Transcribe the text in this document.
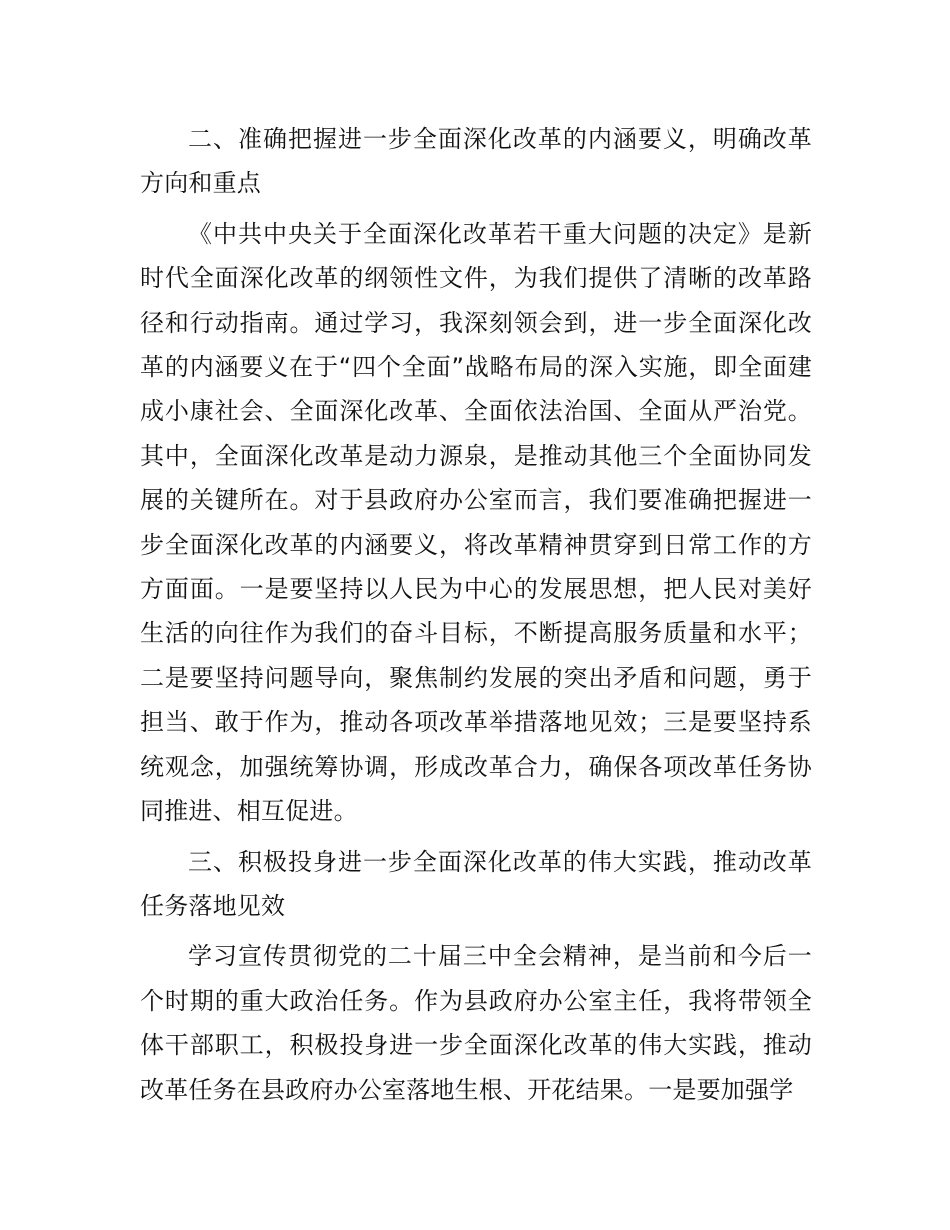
二、准确把握进一步全面深化改革的内涵要义，明确改革方向和重点

《中共中央关于全面深化改革若干重大问题的决定》是新时代全面深化改革的纲领性文件，为我们提供了清晰的改革路径和行动指南。通过学习，我深刻领会到，进一步全面深化改革的内涵要义在于“四个全面”战略布局的深入实施，即全面建成小康社会、全面深化改革、全面依法治国、全面从严治党。其中，全面深化改革是动力源泉，是推动其他三个全面协同发展的关键所在。对于县政府办公室而言，我们要准确把握进一步全面深化改革的内涵要义，将改革精神贯穿到日常工作的方方面面。一是要坚持以人民为中心的发展思想，把人民对美好生活的向往作为我们的奋斗目标，不断提高服务质量和水平；二是要坚持问题导向，聚焦制约发展的突出矛盾和问题，勇于担当、敢于作为，推动各项改革举措落地见效；三是要坚持系统观念，加强统筹协调，形成改革合力，确保各项改革任务协同推进、相互促进。

三、积极投身进一步全面深化改革的伟大实践，推动改革任务落地见效

学习宣传贯彻党的二十届三中全会精神，是当前和今后一个时期的重大政治任务。作为县政府办公室主任，我将带领全体干部职工，积极投身进一步全面深化改革的伟大实践，推动改革任务在县政府办公室落地生根、开花结果。一是要加强学
